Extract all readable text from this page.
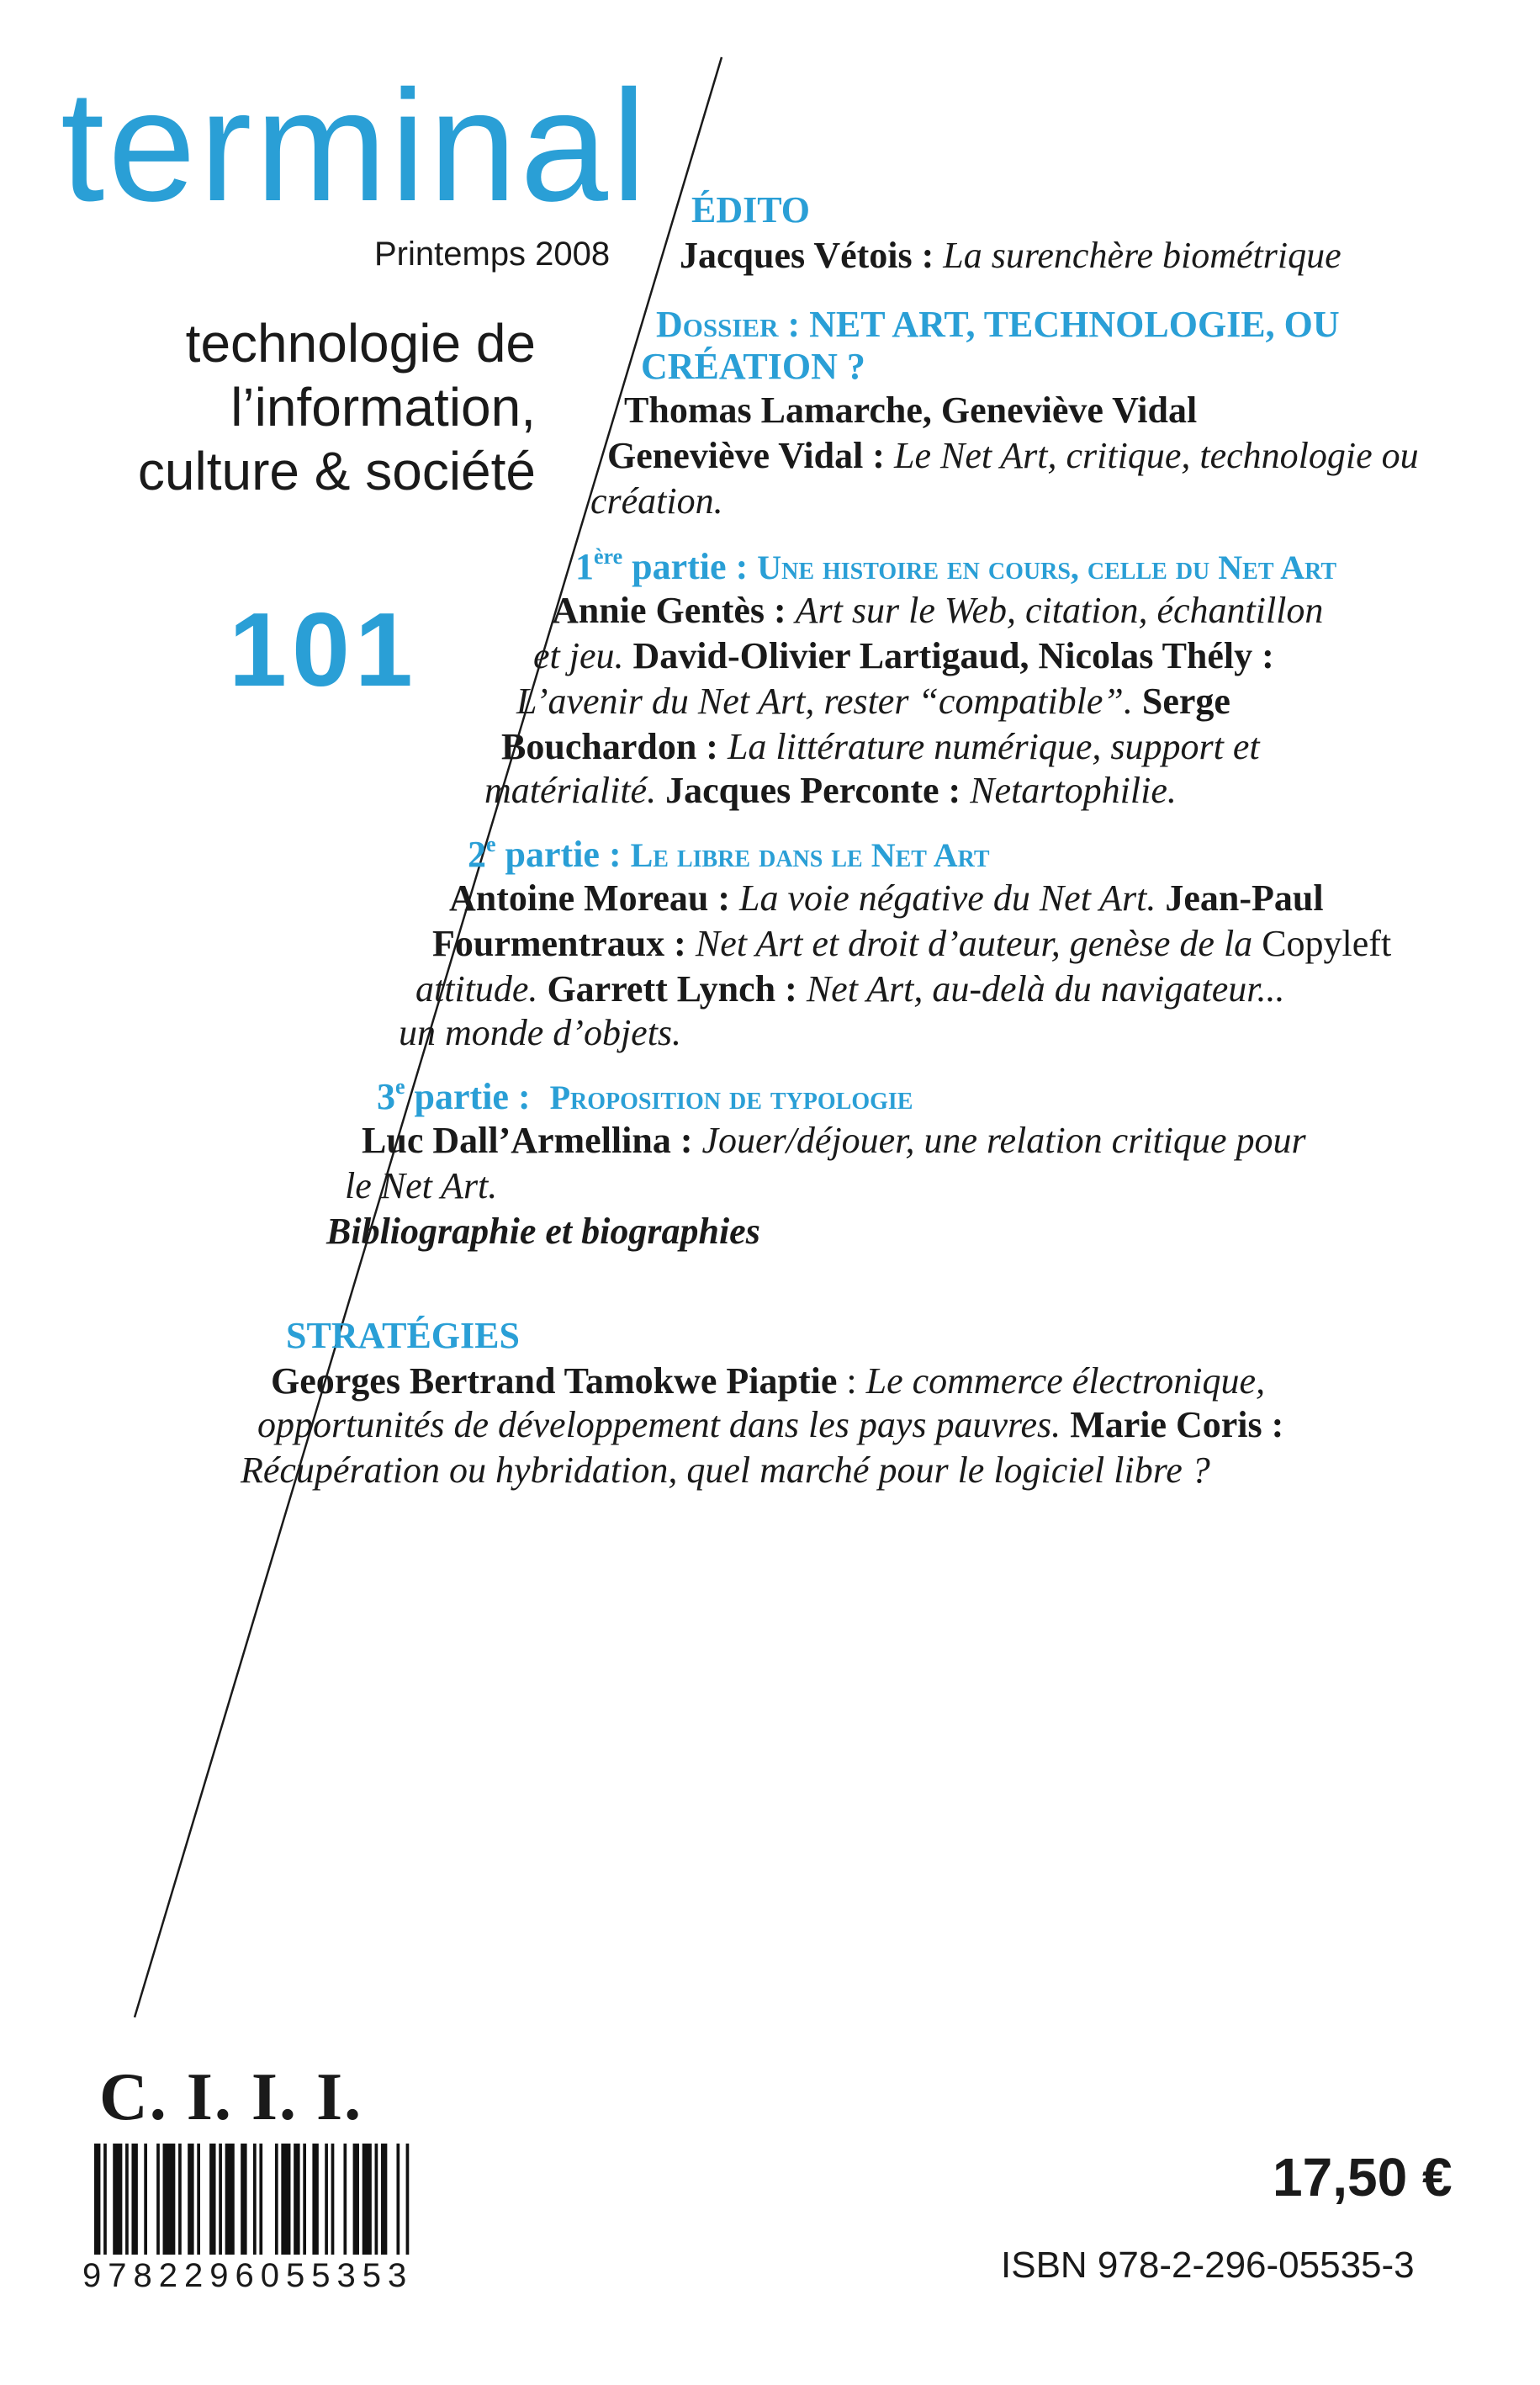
terminal
Printemps 2008
technologie de
l’information,
culture & société
101
ÉDITO
Jacques Vétois : La surenchère biométrique
Dossier : NET ART, TECHNOLOGIE, OU
CRÉATION ?
Thomas Lamarche, Geneviève Vidal
Geneviève Vidal : Le Net Art, critique, technologie ou
création.
1ère partie : Une histoire en cours, celle du Net Art
Annie Gentès : Art sur le Web, citation, échantillon
et jeu. David-Olivier Lartigaud, Nicolas Thély :
L’avenir du Net Art, rester “compatible”. Serge
Bouchardon : La littérature numérique, support et
matérialité. Jacques Perconte : Netartophilie.
2e partie : Le libre dans le Net Art
Antoine Moreau : La voie négative du Net Art. Jean-Paul
Fourmentraux : Net Art et droit d’auteur, genèse de la Copyleft
attitude. Garrett Lynch : Net Art, au-delà du navigateur...
un monde d’objets.
3e partie : Proposition de typologie
Luc Dall’Armellina : Jouer/déjouer, une relation critique pour
le Net Art.
Bibliographie et biographies
STRATÉGIES
Georges Bertrand Tamokwe Piaptie : Le commerce électronique,
opportunités de développement dans les pays pauvres. Marie Coris :
Récupération ou hybridation, quel marché pour le logiciel libre ?
C. I. I. I.
9782296055353
17,50 €
ISBN 978-2-296-05535-3
